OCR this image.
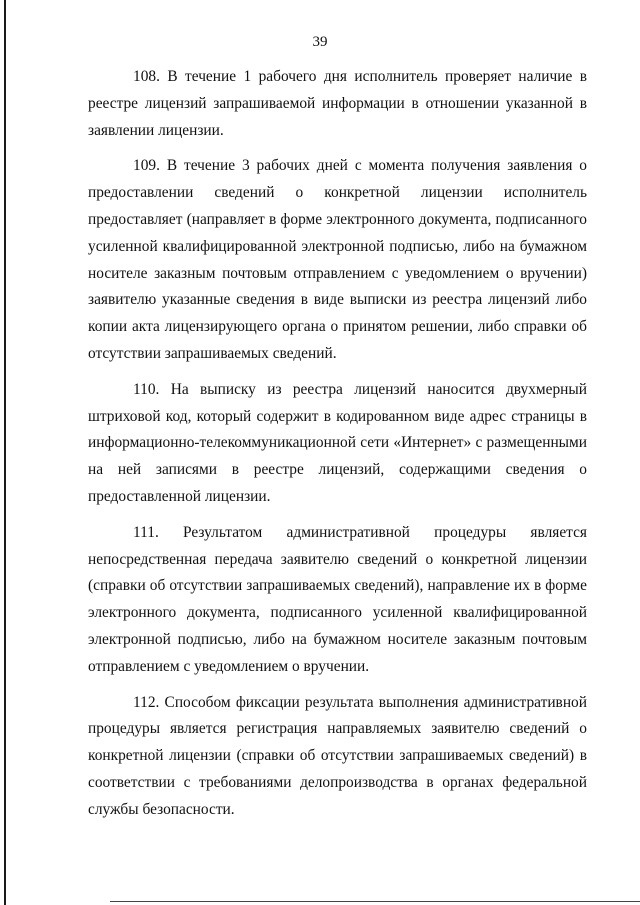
39

108. В течение 1 рабочего дня исполнитель проверяет наличие в реестре лицензий запрашиваемой информации в отношении указанной в заявлении лицензии.

109. В течение 3 рабочих дней с момента получения заявления о предоставлении сведений о конкретной лицензии исполнитель предоставляет (направляет в форме электронного документа, подписанного усиленной квалифицированной электронной подписью, либо на бумажном носителе заказным почтовым отправлением с уведомлением о вручении) заявителю указанные сведения в виде выписки из реестра лицензий либо копии акта лицензирующего органа о принятом решении, либо справки об отсутствии запрашиваемых сведений.

110. На выписку из реестра лицензий наносится двухмерный штриховой код, который содержит в кодированном виде адрес страницы в информационно-телекоммуникационной сети «Интернет» с размещенными на ней записями в реестре лицензий, содержащими сведения о предоставленной лицензии.

111. Результатом административной процедуры является непосредственная передача заявителю сведений о конкретной лицензии (справки об отсутствии запрашиваемых сведений), направление их в форме электронного документа, подписанного усиленной квалифицированной электронной подписью, либо на бумажном носителе заказным почтовым отправлением с уведомлением о вручении.

112. Способом фиксации результата выполнения административной процедуры является регистрация направляемых заявителю сведений о конкретной лицензии (справки об отсутствии запрашиваемых сведений) в соответствии с требованиями делопроизводства в органах федеральной службы безопасности.
